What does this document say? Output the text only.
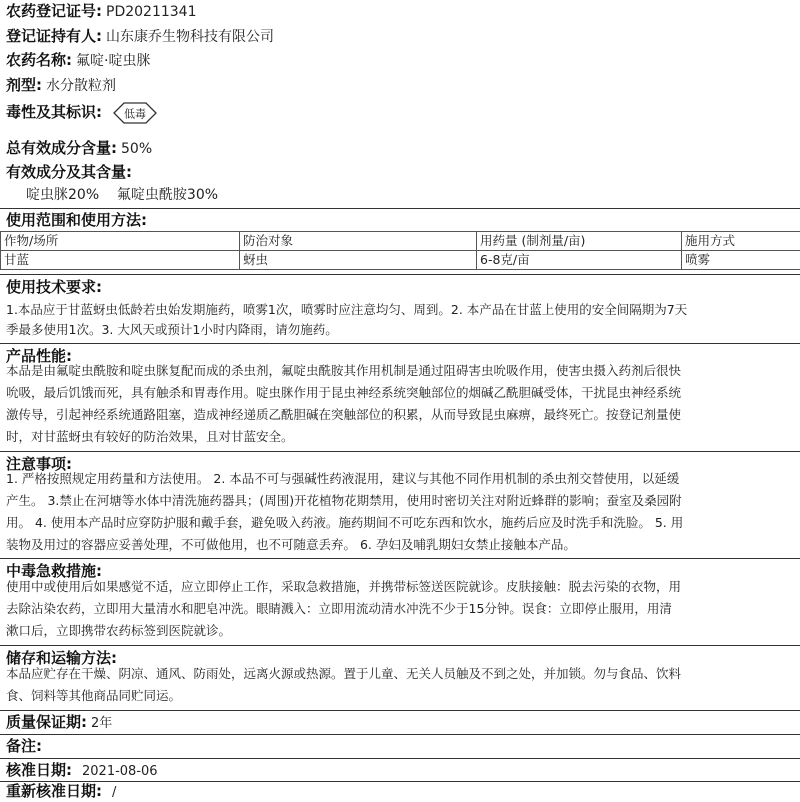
农药登记证号: PD20211341
登记证持有人: 山东康乔生物科技有限公司
农药名称: 氟啶·啶虫脒
剂型: 水分散粒剂
毒性及其标识: 低毒
总有效成分含量: 50%
有效成分及其含量:
啶虫脒20%    氟啶虫酰胺30%
使用范围和使用方法:
作物/场所	防治对象	用药量 (制剂量/亩)	施用方式
甘蓝	蚜虫	6-8克/亩	喷雾
使用技术要求:
1.本品应于甘蓝蚜虫低龄若虫始发期施药，喷雾1次，喷雾时应注意均匀、周到。2. 本产品在甘蓝上使用的安全间隔期为7天
季最多使用1次。3. 大风天或预计1小时内降雨，请勿施药。
产品性能:
本品是由氟啶虫酰胺和啶虫脒复配而成的杀虫剂，氟啶虫酰胺其作用机制是通过阻碍害虫吮吸作用，使害虫摄入药剂后很快
吮吸，最后饥饿而死，具有触杀和胃毒作用。啶虫脒作用于昆虫神经系统突触部位的烟碱乙酰胆碱受体，干扰昆虫神经系统
激传导，引起神经系统通路阻塞，造成神经递质乙酰胆碱在突触部位的积累，从而导致昆虫麻痹，最终死亡。按登记剂量使
时，对甘蓝蚜虫有较好的防治效果，且对甘蓝安全。
注意事项:
1. 严格按照规定用药量和方法使用。 2. 本品不可与强碱性药液混用，建议与其他不同作用机制的杀虫剂交替使用，以延缓
产生。 3.禁止在河塘等水体中清洗施药器具；(周围)开花植物花期禁用，使用时密切关注对附近蜂群的影响；蚕室及桑园附
用。 4. 使用本产品时应穿防护服和戴手套，避免吸入药液。施药期间不可吃东西和饮水，施药后应及时洗手和洗脸。 5. 用
装物及用过的容器应妥善处理，不可做他用，也不可随意丢弃。 6. 孕妇及哺乳期妇女禁止接触本产品。
中毒急救措施:
使用中或使用后如果感觉不适，应立即停止工作，采取急救措施，并携带标签送医院就诊。皮肤接触：脱去污染的衣物，用
去除沾染农药，立即用大量清水和肥皂冲洗。眼睛溅入：立即用流动清水冲洗不少于15分钟。误食：立即停止服用，用清
漱口后，立即携带农药标签到医院就诊。
储存和运输方法:
本品应贮存在干燥、阴凉、通风、防雨处，远离火源或热源。置于儿童、无关人员触及不到之处，并加锁。勿与食品、饮料
食、饲料等其他商品同贮同运。
质量保证期: 2年
备注:
核准日期: 2021-08-06
重新核准日期: /
